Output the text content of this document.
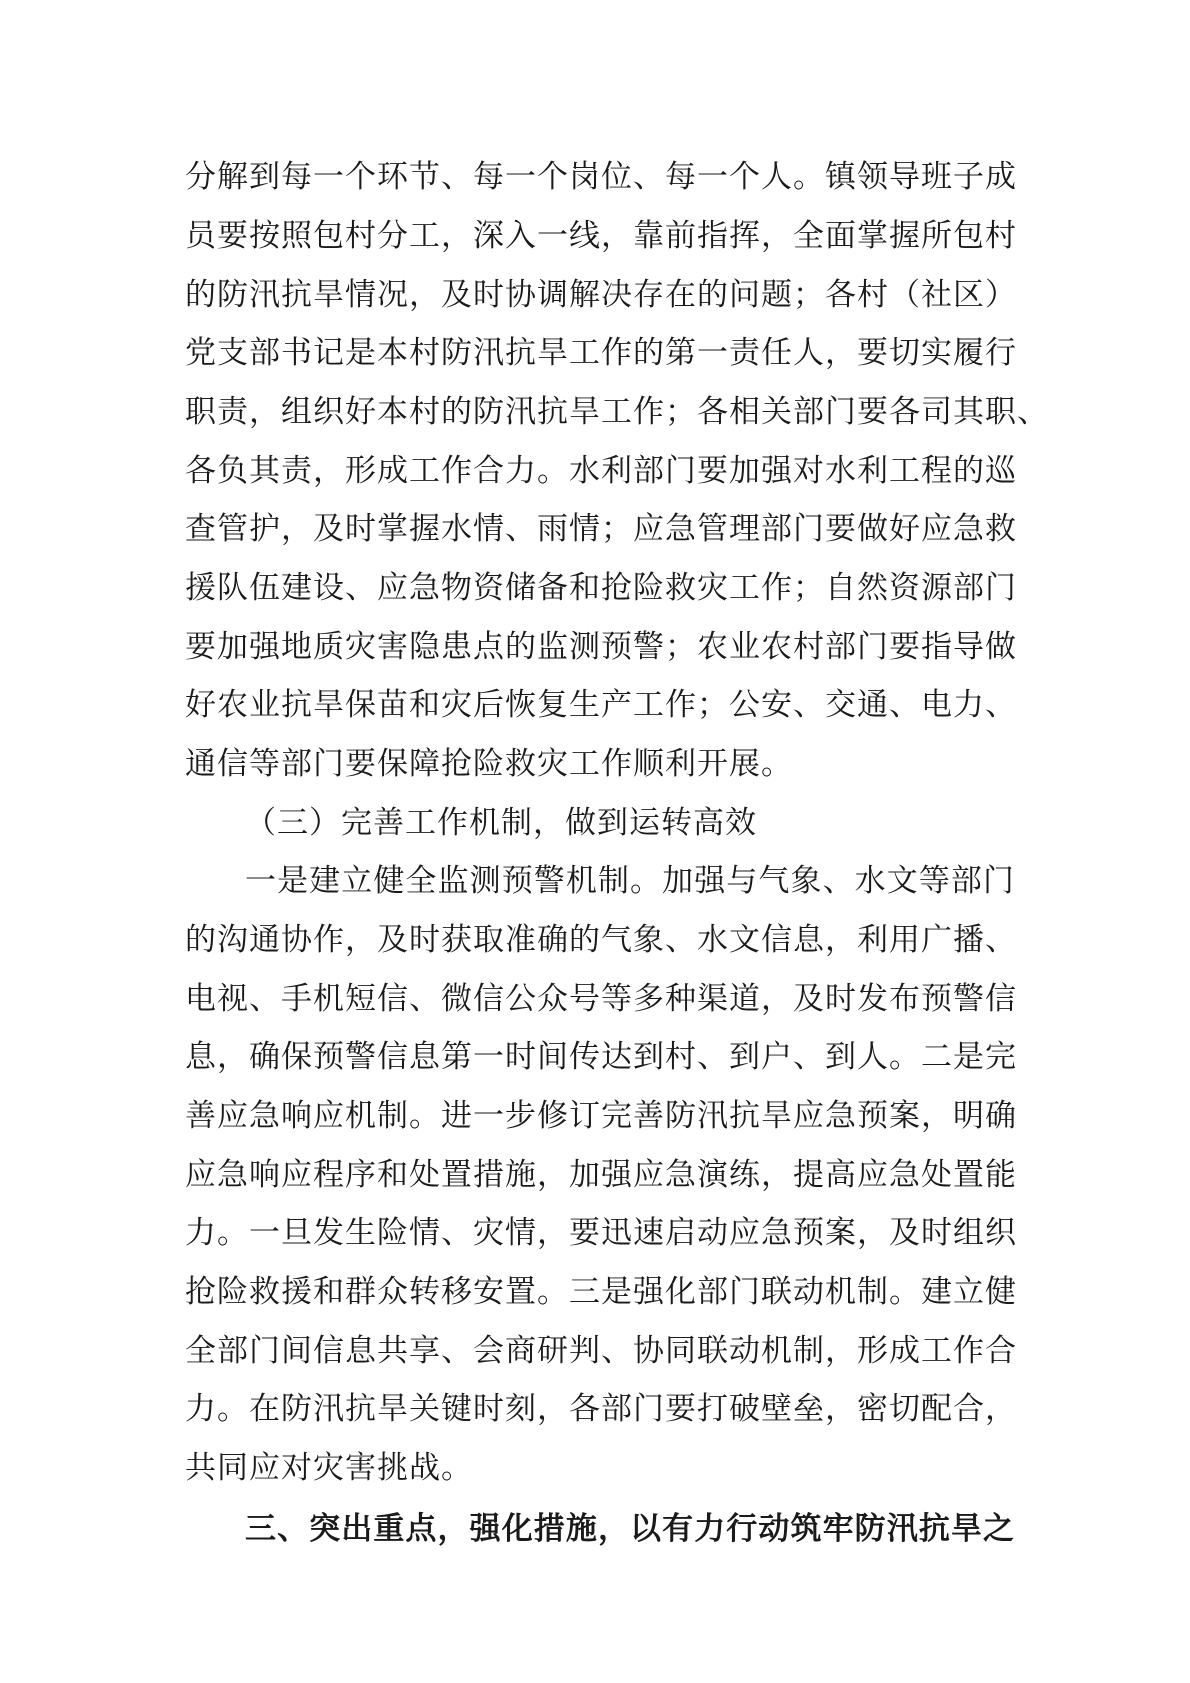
分解到每一个环节、每一个岗位、每一个人。镇领导班子成
员要按照包村分工，深入一线，靠前指挥，全面掌握所包村
的防汛抗旱情况，及时协调解决存在的问题；各村（社区）
党支部书记是本村防汛抗旱工作的第一责任人，要切实履行
职责，组织好本村的防汛抗旱工作；各相关部门要各司其职、
各负其责，形成工作合力。水利部门要加强对水利工程的巡
查管护，及时掌握水情、雨情；应急管理部门要做好应急救
援队伍建设、应急物资储备和抢险救灾工作；自然资源部门
要加强地质灾害隐患点的监测预警；农业农村部门要指导做
好农业抗旱保苗和灾后恢复生产工作；公安、交通、电力、
通信等部门要保障抢险救灾工作顺利开展。
（三）完善工作机制，做到运转高效
一是建立健全监测预警机制。加强与气象、水文等部门
的沟通协作，及时获取准确的气象、水文信息，利用广播、
电视、手机短信、微信公众号等多种渠道，及时发布预警信
息，确保预警信息第一时间传达到村、到户、到人。二是完
善应急响应机制。进一步修订完善防汛抗旱应急预案，明确
应急响应程序和处置措施，加强应急演练，提高应急处置能
力。一旦发生险情、灾情，要迅速启动应急预案，及时组织
抢险救援和群众转移安置。三是强化部门联动机制。建立健
全部门间信息共享、会商研判、协同联动机制，形成工作合
力。在防汛抗旱关键时刻，各部门要打破壁垒，密切配合，
共同应对灾害挑战。
三、突出重点，强化措施，以有力行动筑牢防汛抗旱之
